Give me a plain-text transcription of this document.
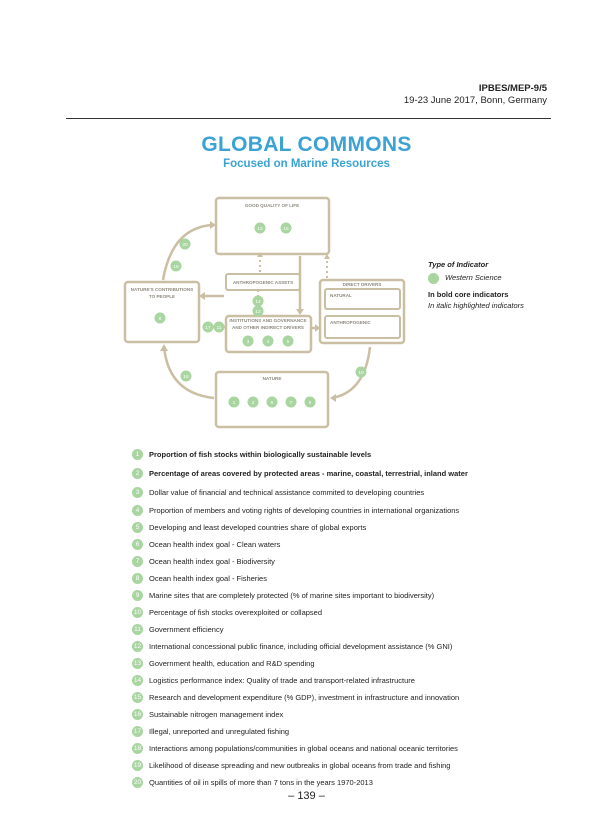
IPBES/MEP-9/5
19-23 June 2017, Bonn, Germany
GLOBAL COMMONS
Focused on Marine Resources
GOOD QUALITY OF LIFE
NATURE'S CONTRIBUTIONS
TO PEOPLE
ANTHROPOGENIC ASSETS
INSTITUTIONS AND GOVERNANCE
AND OTHER INDIRECT DRIVERS
DIRECT DRIVERS
NATURAL
ANTHROPOGENIC
NATURE
13	15
8
20
18
14
12
17 11
3	4	5
1	2	6	7	9
16
10
Type of Indicator
Western Science
In bold core indicators
In italic highlighted indicators
1	Proportion of fish stocks within biologically sustainable levels
2	Percentage of areas covered by protected areas - marine, coastal, terrestrial, inland water
3	Dollar value of financial and technical assistance commited to developing countries
4	Proportion of members and voting rights of developing countries in international organizations
5	Developing and least developed countries share of global exports
6	Ocean health index goal - Clean waters
7	Ocean health index goal - Biodiversity
8	Ocean health index goal - Fisheries
9	Marine sites that are completely protected (% of marine sites important to biodiversity)
10 Percentage of fish stocks overexploited or collapsed
11 Government efficiency
12 International concessional public finance, including official development assistance (% GNI)
13 Government health, education and R&D spending
14 Logistics performance index: Quality of trade and transport-related infrastructure
15 Research and development expenditure (% GDP), investment in infrastructure and innovation
16 Sustainable nitrogen management index
17 Illegal, unreported and unregulated fishing
18 Interactions among populations/communities in global oceans and national oceanic territories
19 Likelihood of disease spreading and new outbreaks in global oceans from trade and fishing
20 Quantities of oil in spills of more than 7 tons in the years 1970-2013
– 139 –
